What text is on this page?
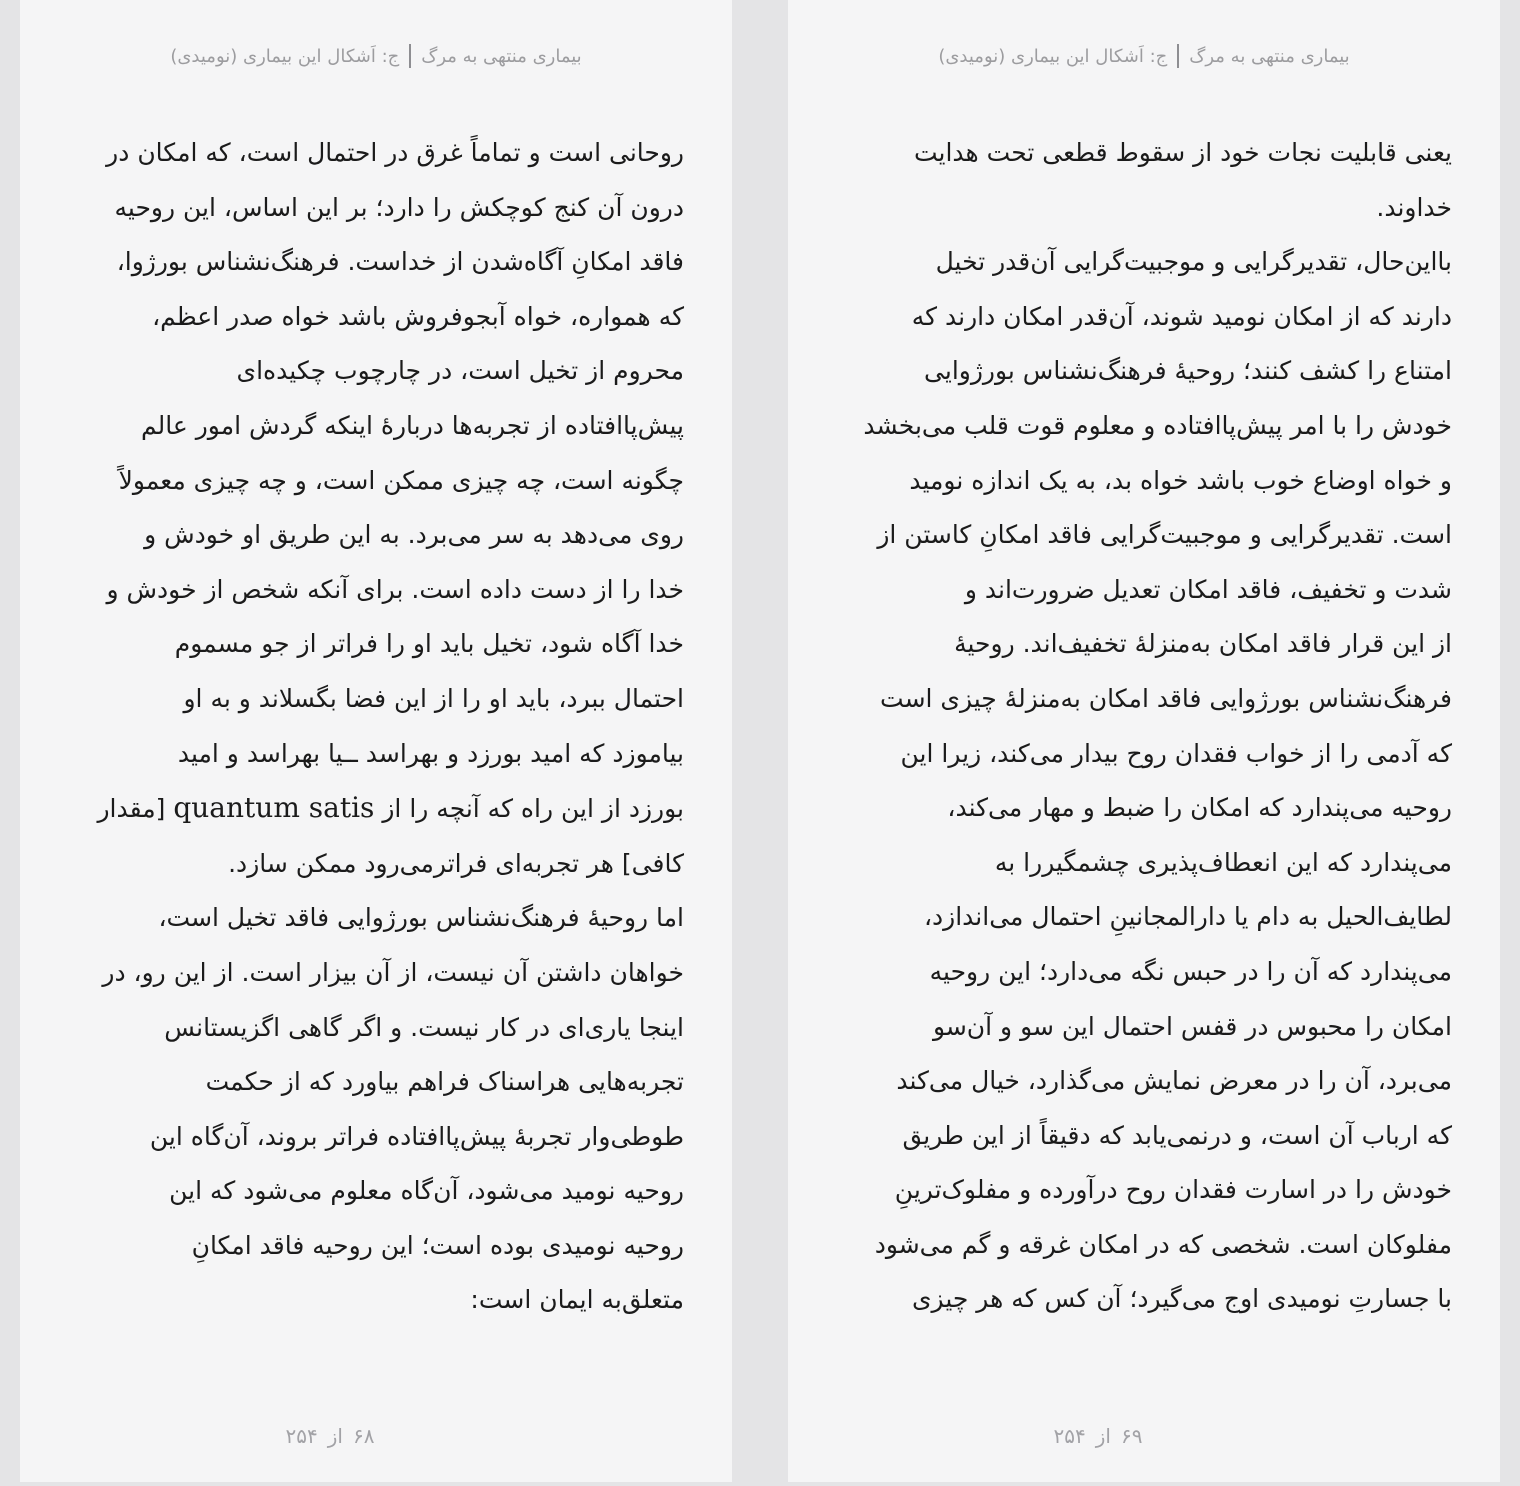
بیماری منتهی به مرگ
ج: اَشکال این بیماری (نومیدی)
روحانی است و تماماً غرق در احتمال است، که امکان در
درون آن کنج کوچکش را دارد؛ بر این اساس، این روحیه
فاقد امکانِ آگاه‌شدن از خداست. فرهنگ‌نشناس بورژوا،
که همواره، خواه آبجوفروش باشد خواه صدر اعظم،
محروم از تخیل است، در چارچوب چکیده‌ای
پیش‌پاافتاده از تجربه‌ها دربارهٔ اینکه گردش امور عالم
چگونه است، چه چیزی ممکن است، و چه چیزی معمولاً
روی می‌دهد به سر می‌برد. به این طریق او خودش و
خدا را از دست داده است. برای آنکه شخص از خودش و
خدا آگاه شود، تخیل باید او را فراتر از جو مسموم
احتمال ببرد، باید او را از این فضا بگسلاند و به او
بیاموزد که امید بورزد و بهراسد ــیا بهراسد و امید
بورزد از این راه که آنچه را از quantum satis [مقدار
کافی] هر تجربه‌ای فراترمی‌رود ممکن سازد.
اما روحیهٔ فرهنگ‌نشناس بورژوایی فاقد تخیل است،
خواهان داشتن آن نیست، از آن بیزار است. از این رو، در
اینجا یاری‌ای در کار نیست. و اگر گاهی اگزیستانس
تجربه‌هایی هراسناک فراهم بیاورد که از حکمت
طوطی‌وار تجربهٔ پیش‌پاافتاده فراتر بروند، آن‌گاه این
روحیه نومید می‌شود، آن‌گاه معلوم می‌شود که این
روحیه نومیدی بوده است؛ این روحیه فاقد امکانِ
متعلق‌به ایمان است:
۶۸از۲۵۴
بیماری منتهی به مرگ
ج: اَشکال این بیماری (نومیدی)
یعنی قابلیت نجات خود از سقوط قطعی تحت هدایت
خداوند.
بااین‌حال، تقدیرگرایی و موجبیت‌گرایی آن‌قدر تخیل
دارند که از امکان نومید شوند، آن‌قدر امکان دارند که
امتناع را کشف کنند؛ روحیهٔ فرهنگ‌نشناس بورژوایی
خودش را با امر پیش‌پاافتاده و معلوم قوت قلب می‌بخشد
و خواه اوضاع خوب باشد خواه بد، به یک اندازه نومید
است. تقدیرگرایی و موجبیت‌گرایی فاقد امکانِ کاستن از
شدت و تخفیف، فاقد امکان تعدیل ضرورت‌اند و
از این قرار فاقد امکان به‌منزلهٔ تخفیف‌اند. روحیهٔ
فرهنگ‌نشناس بورژوایی فاقد امکان به‌منزلهٔ چیزی است
که آدمی را از خواب فقدان روح بیدار می‌کند، زیرا این
روحیه می‌پندارد که امکان را ضبط و مهار می‌کند،
می‌پندارد که این انعطاف‌پذیری چشمگیررا به
لطایف‌الحیل به دام یا دارالمجانینِ احتمال می‌اندازد،
می‌پندارد که آن را در حبس نگه می‌دارد؛ این روحیه
امکان را محبوس در قفس احتمال این سو و آن‌سو
می‌برد، آن را در معرض نمایش می‌گذارد، خیال می‌کند
که ارباب آن است، و درنمی‌یابد که دقیقاً از این طریق
خودش را در اسارت فقدان روح درآورده و مفلوک‌ترینِ
مفلوکان است. شخصی که در امکان غرقه و گم می‌شود
با جسارتِ نومیدی اوج می‌گیرد؛ آن کس که هر چیزی
۶۹از۲۵۴
